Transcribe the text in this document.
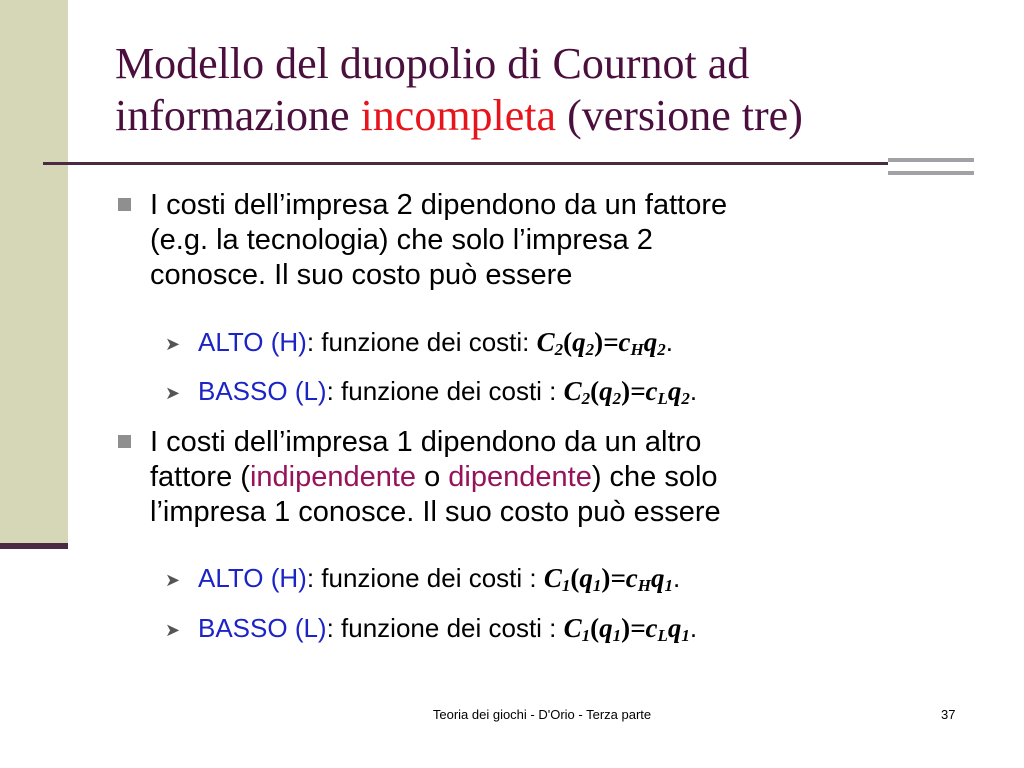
Modello del duopolio di Cournot ad
informazione incompleta (versione tre)
I costi dell’impresa 2 dipendono da un fattore
(e.g. la tecnologia) che solo l’impresa 2
conosce. Il suo costo può essere
➤ ALTO (H): funzione dei costi: $C_2(q_2)=c_Hq_2$.
➤ BASSO (L): funzione dei costi : $C_2(q_2)=c_Lq_2$.
I costi dell’impresa 1 dipendono da un altro
fattore (indipendente o dipendente) che solo
l’impresa 1 conosce. Il suo costo può essere
➤ ALTO (H): funzione dei costi : $C_1(q_1)=c_Hq_1$.
➤ BASSO (L): funzione dei costi : $C_1(q_1)=c_Lq_1$.
Teoria dei giochi - D'Orio - Terza parte	37
